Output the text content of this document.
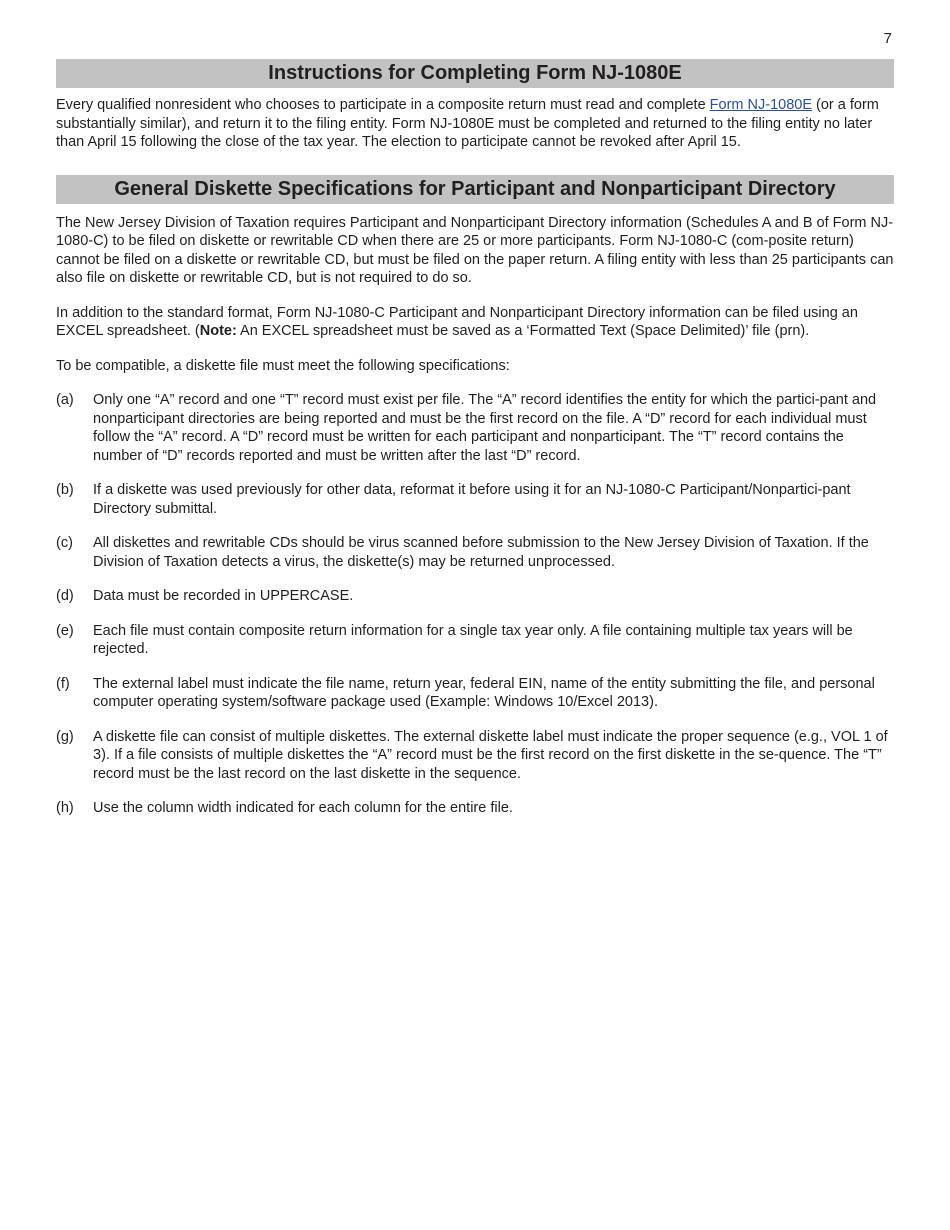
7
Instructions for Completing Form NJ-1080E

Every qualified nonresident who chooses to participate in a composite return must read and complete Form NJ-1080E (or a form substantially similar), and return it to the filing entity. Form NJ-1080E must be completed and returned to the filing entity no later than April 15 following the close of the tax year. The election to participate cannot be revoked after April 15.

General Diskette Specifications for Participant and Nonparticipant Directory

The New Jersey Division of Taxation requires Participant and Nonparticipant Directory information (Schedules A and B of Form NJ-1080-C) to be filed on diskette or rewritable CD when there are 25 or more participants. Form NJ-1080-C (com-posite return) cannot be filed on a diskette or rewritable CD, but must be filed on the paper return. A filing entity with less than 25 participants can also file on diskette or rewritable CD, but is not required to do so.

In addition to the standard format, Form NJ-1080-C Participant and Nonparticipant Directory information can be filed using an EXCEL spreadsheet. (Note: An EXCEL spreadsheet must be saved as a ‘Formatted Text (Space Delimited)’ file (prn).

To be compatible, a diskette file must meet the following specifications:

(a)	Only one “A” record and one “T” record must exist per file. The “A” record identifies the entity for which the partici-pant and nonparticipant directories are being reported and must be the first record on the file. A “D” record for each individual must follow the “A” record. A “D” record must be written for each participant and nonparticipant. The “T” record contains the number of “D” records reported and must be written after the last “D” record.
(b)	If a diskette was used previously for other data, reformat it before using it for an NJ-1080-C Participant/Nonpartici-pant Directory submittal.
(c)	All diskettes and rewritable CDs should be virus scanned before submission to the New Jersey Division of Taxation. If the Division of Taxation detects a virus, the diskette(s) may be returned unprocessed.
(d)	Data must be recorded in UPPERCASE.
(e)	Each file must contain composite return information for a single tax year only. A file containing multiple tax years will be rejected.
(f)	The external label must indicate the file name, return year, federal EIN, name of the entity submitting the file, and personal computer operating system/software package used (Example: Windows 10/Excel 2013).
(g)	A diskette file can consist of multiple diskettes. The external diskette label must indicate the proper sequence (e.g., VOL 1 of 3). If a file consists of multiple diskettes the “A” record must be the first record on the first diskette in the se-quence. The “T” record must be the last record on the last diskette in the sequence.
(h)	Use the column width indicated for each column for the entire file.
